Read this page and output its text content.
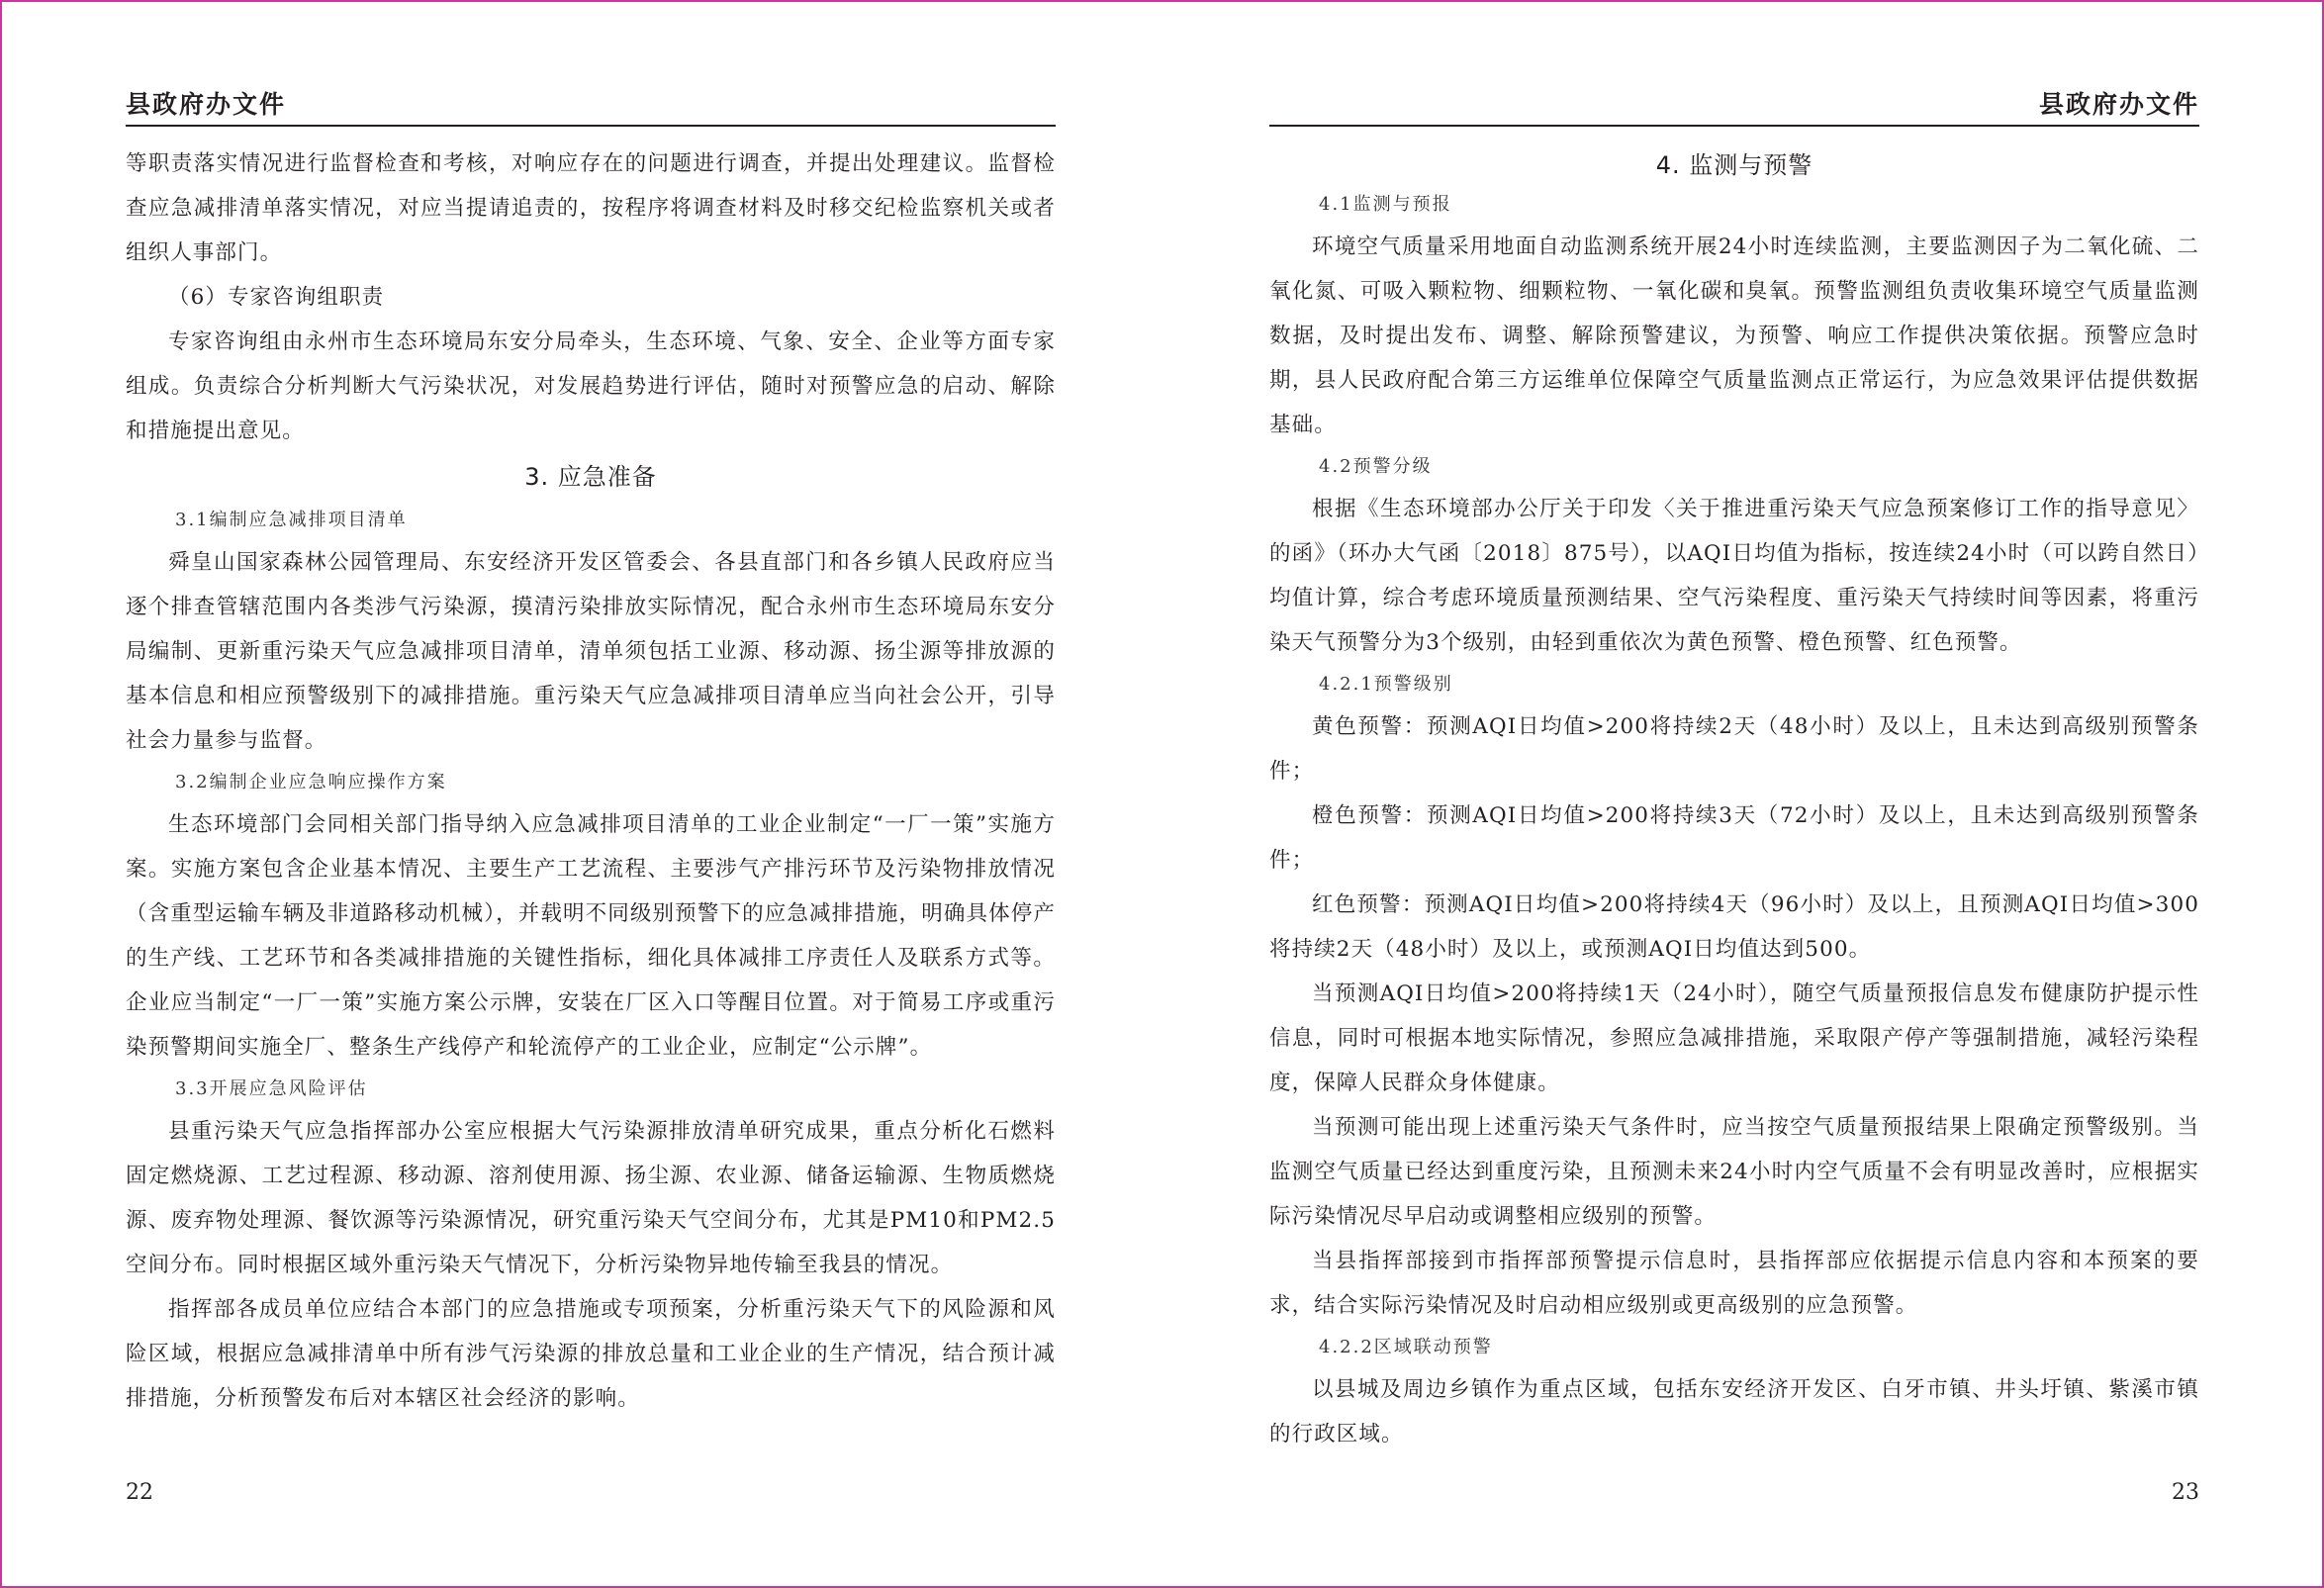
县政府办文件

等职责落实情况进行监督检查和考核，对响应存在的问题进行调查，并提出处理建议。监督检查应急减排清单落实情况，对应当提请追责的，按程序将调查材料及时移交纪检监察机关或者组织人事部门。

（6）专家咨询组职责

专家咨询组由永州市生态环境局东安分局牵头，生态环境、气象、安全、企业等方面专家组成。负责综合分析判断大气污染状况，对发展趋势进行评估，随时对预警应急的启动、解除和措施提出意见。

3. 应急准备
3.1编制应急减排项目清单

舜皇山国家森林公园管理局、东安经济开发区管委会、各县直部门和各乡镇人民政府应当逐个排查管辖范围内各类涉气污染源，摸清污染排放实际情况，配合永州市生态环境局东安分局编制、更新重污染天气应急减排项目清单，清单须包括工业源、移动源、扬尘源等排放源的基本信息和相应预警级别下的减排措施。重污染天气应急减排项目清单应当向社会公开，引导社会力量参与监督。

3.2编制企业应急响应操作方案

生态环境部门会同相关部门指导纳入应急减排项目清单的工业企业制定“一厂一策”实施方案。实施方案包含企业基本情况、主要生产工艺流程、主要涉气产排污环节及污染物排放情况（含重型运输车辆及非道路移动机械），并载明不同级别预警下的应急减排措施，明确具体停产的生产线、工艺环节和各类减排措施的关键性指标，细化具体减排工序责任人及联系方式等。企业应当制定“一厂一策”实施方案公示牌，安装在厂区入口等醒目位置。对于简易工序或重污染预警期间实施全厂、整条生产线停产和轮流停产的工业企业，应制定“公示牌”。

3.3开展应急风险评估

县重污染天气应急指挥部办公室应根据大气污染源排放清单研究成果，重点分析化石燃料固定燃烧源、工艺过程源、移动源、溶剂使用源、扬尘源、农业源、储备运输源、生物质燃烧源、废弃物处理源、餐饮源等污染源情况，研究重污染天气空间分布，尤其是PM10和PM2.5空间分布。同时根据区域外重污染天气情况下，分析污染物异地传输至我县的情况。

指挥部各成员单位应结合本部门的应急措施或专项预案，分析重污染天气下的风险源和风险区域，根据应急减排清单中所有涉气污染源的排放总量和工业企业的生产情况，结合预计减排措施，分析预警发布后对本辖区社会经济的影响。

22
县政府办文件
4. 监测与预警
4.1监测与预报

环境空气质量采用地面自动监测系统开展24小时连续监测，主要监测因子为二氧化硫、二氧化氮、可吸入颗粒物、细颗粒物、一氧化碳和臭氧。预警监测组负责收集环境空气质量监测数据，及时提出发布、调整、解除预警建议，为预警、响应工作提供决策依据。预警应急时期，县人民政府配合第三方运维单位保障空气质量监测点正常运行，为应急效果评估提供数据基础。

4.2预警分级

根据《生态环境部办公厅关于印发〈关于推进重污染天气应急预案修订工作的指导意见〉的函》（环办大气函〔2018〕875号），以AQI日均值为指标，按连续24小时（可以跨自然日）均值计算，综合考虑环境质量预测结果、空气污染程度、重污染天气持续时间等因素，将重污染天气预警分为3个级别，由轻到重依次为黄色预警、橙色预警、红色预警。

4.2.1预警级别

黄色预警：预测AQI日均值>200将持续2天（48小时）及以上，且未达到高级别预警条件；

橙色预警：预测AQI日均值>200将持续3天（72小时）及以上，且未达到高级别预警条件；

红色预警：预测AQI日均值>200将持续4天（96小时）及以上，且预测AQI日均值>300将持续2天（48小时）及以上，或预测AQI日均值达到500。

当预测AQI日均值>200将持续1天（24小时），随空气质量预报信息发布健康防护提示性信息，同时可根据本地实际情况，参照应急减排措施，采取限产停产等强制措施，减轻污染程度，保障人民群众身体健康。

当预测可能出现上述重污染天气条件时，应当按空气质量预报结果上限确定预警级别。当监测空气质量已经达到重度污染，且预测未来24小时内空气质量不会有明显改善时，应根据实际污染情况尽早启动或调整相应级别的预警。

当县指挥部接到市指挥部预警提示信息时，县指挥部应依据提示信息内容和本预案的要求，结合实际污染情况及时启动相应级别或更高级别的应急预警。

4.2.2区域联动预警

以县城及周边乡镇作为重点区域，包括东安经济开发区、白牙市镇、井头圩镇、紫溪市镇的行政区域。

23
